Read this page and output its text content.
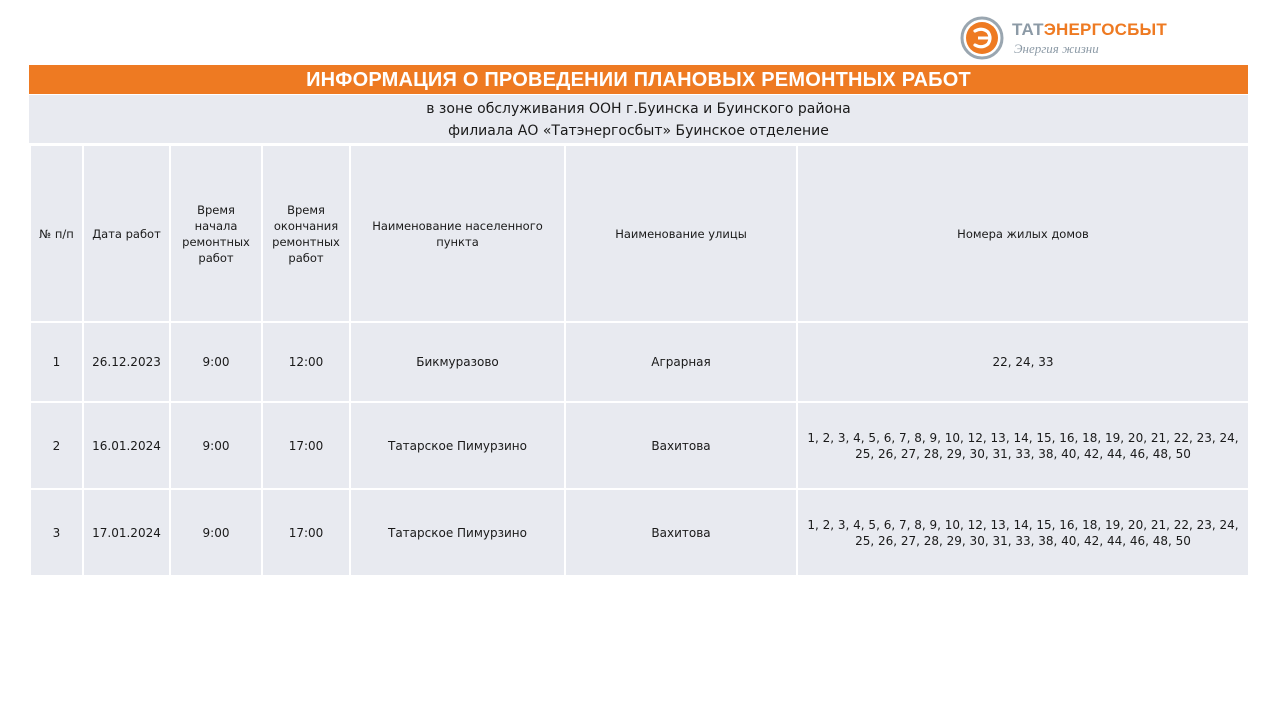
ТАТЭНЕРГОСБЫТ
Энергия жизни
ИНФОРМАЦИЯ О ПРОВЕДЕНИИ ПЛАНОВЫХ РЕМОНТНЫХ РАБОТ
в зоне обслуживания ООН г.Буинска и Буинского района
филиала АО «Татэнергосбыт» Буинское отделение
№ п/п	Дата работ	Время начала ремонтных работ	Время окончания ремонтных работ	Наименование населенного пункта	Наименование улицы	Номера жилых домов
1	26.12.2023	9:00	12:00	Бикмуразово	Аграрная	22, 24, 33
2	16.01.2024	9:00	17:00	Татарское Пимурзино	Вахитова	1, 2, 3, 4, 5, 6, 7, 8, 9, 10, 12, 13, 14, 15, 16, 18, 19, 20, 21, 22, 23, 24, 25, 26, 27, 28, 29, 30, 31, 33, 38, 40, 42, 44, 46, 48, 50
3	17.01.2024	9:00	17:00	Татарское Пимурзино	Вахитова	1, 2, 3, 4, 5, 6, 7, 8, 9, 10, 12, 13, 14, 15, 16, 18, 19, 20, 21, 22, 23, 24, 25, 26, 27, 28, 29, 30, 31, 33, 38, 40, 42, 44, 46, 48, 50
